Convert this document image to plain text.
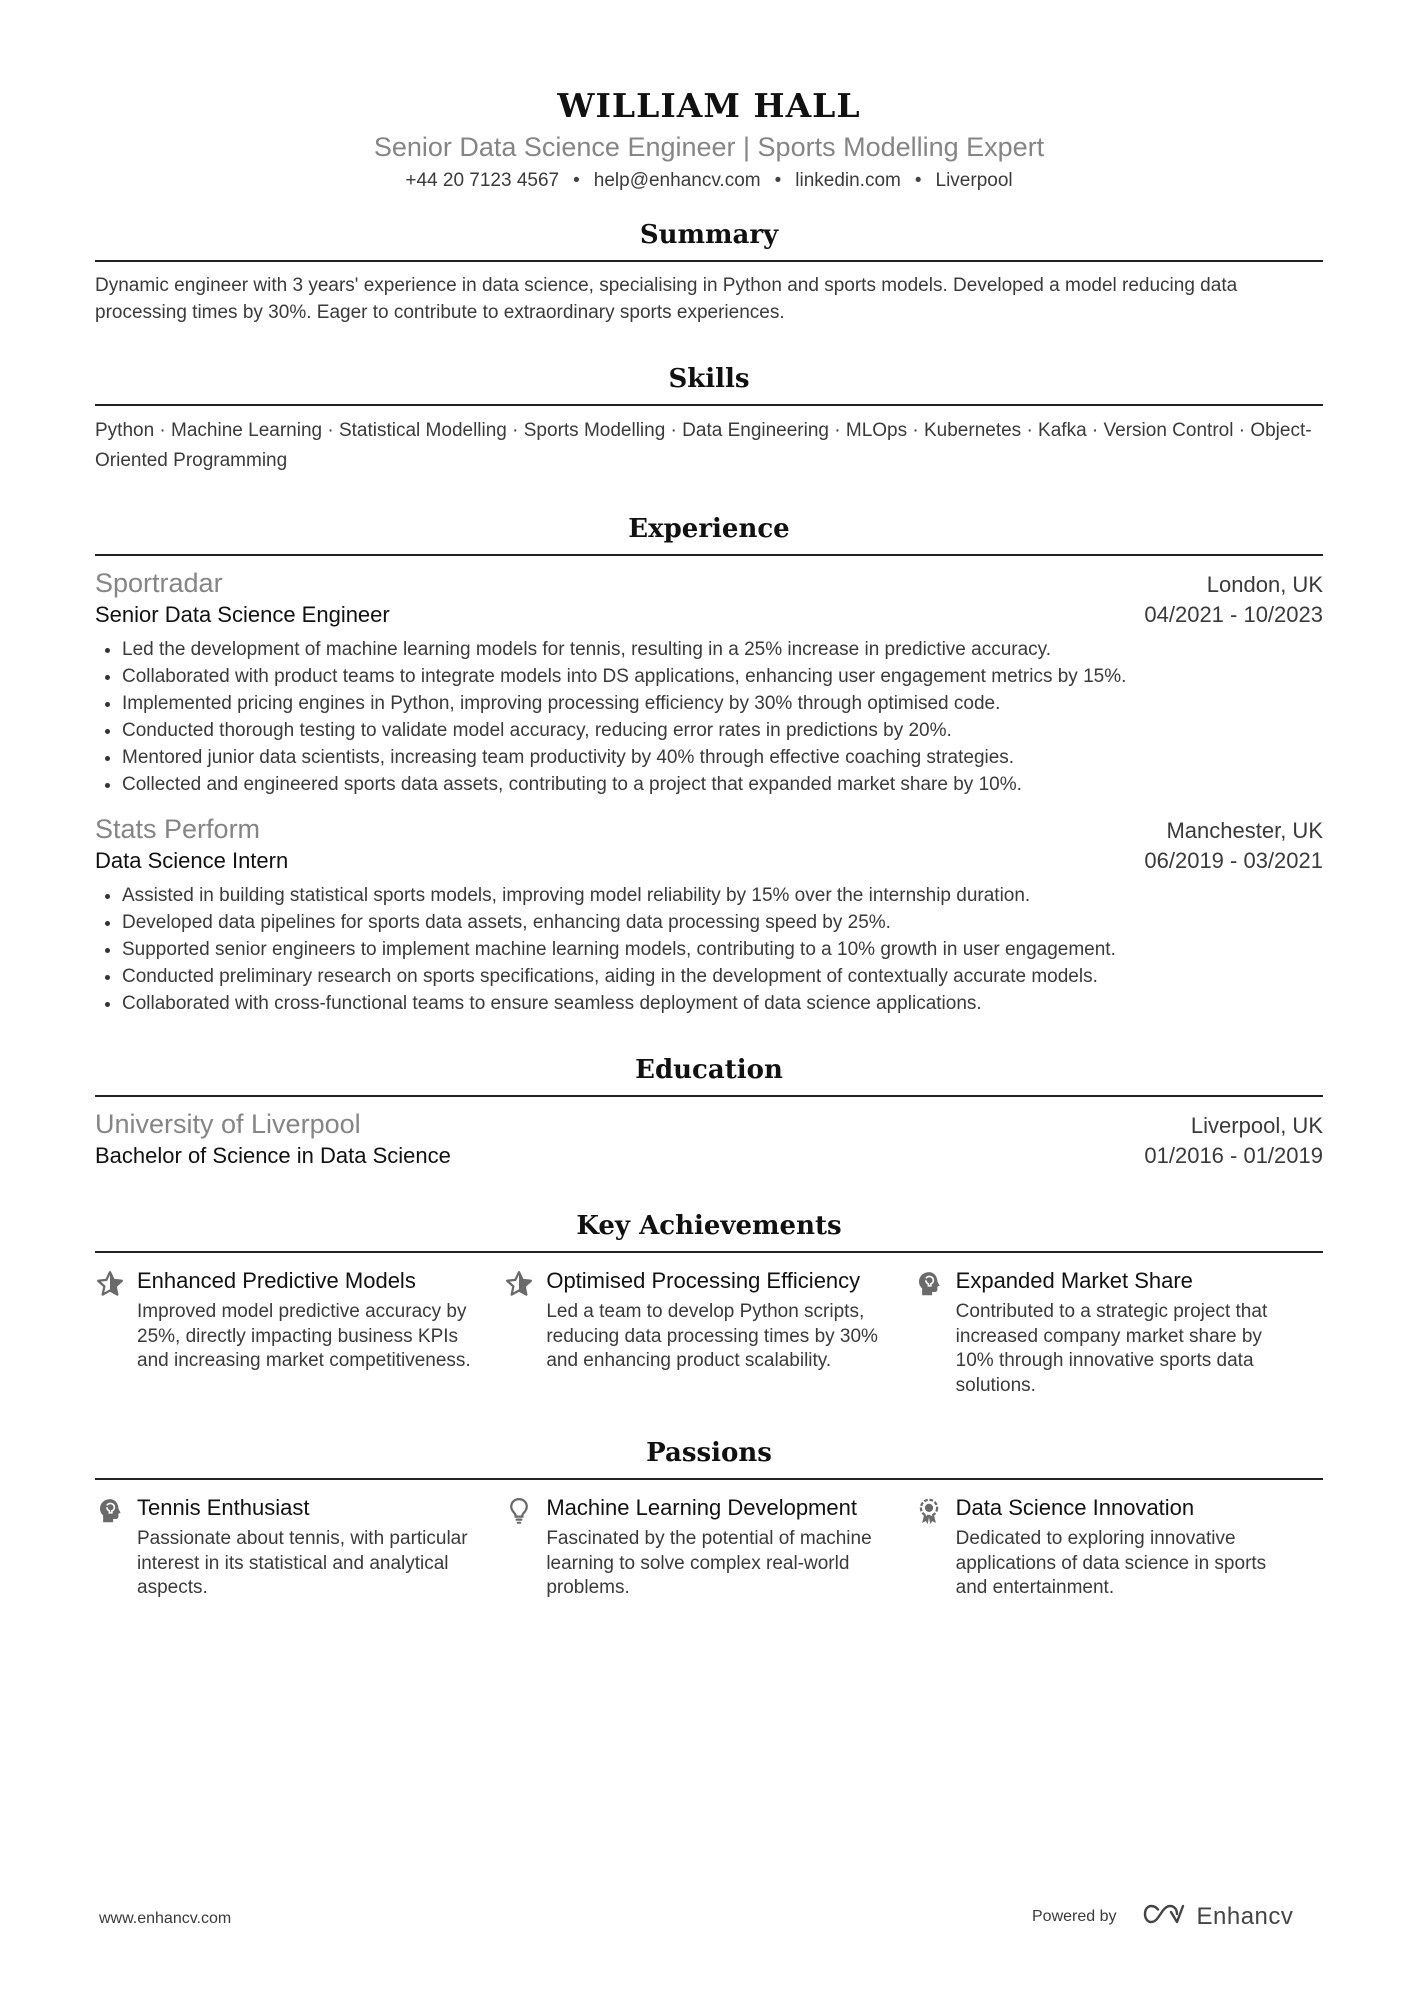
WILLIAM HALL
Senior Data Science Engineer | Sports Modelling Expert
+44 20 7123 4567 • help@enhancv.com • linkedin.com • Liverpool
Summary
Dynamic engineer with 3 years' experience in data science, specialising in Python and sports models. Developed a model reducing data processing times by 30%. Eager to contribute to extraordinary sports experiences.
Skills
Python · Machine Learning · Statistical Modelling · Sports Modelling · Data Engineering · MLOps · Kubernetes · Kafka · Version Control · Object-Oriented Programming
Experience
Sportradar	London, UK
Senior Data Science Engineer	04/2021 - 10/2023
• Led the development of machine learning models for tennis, resulting in a 25% increase in predictive accuracy.
• Collaborated with product teams to integrate models into DS applications, enhancing user engagement metrics by 15%.
• Implemented pricing engines in Python, improving processing efficiency by 30% through optimised code.
• Conducted thorough testing to validate model accuracy, reducing error rates in predictions by 20%.
• Mentored junior data scientists, increasing team productivity by 40% through effective coaching strategies.
• Collected and engineered sports data assets, contributing to a project that expanded market share by 10%.
Stats Perform	Manchester, UK
Data Science Intern	06/2019 - 03/2021
• Assisted in building statistical sports models, improving model reliability by 15% over the internship duration.
• Developed data pipelines for sports data assets, enhancing data processing speed by 25%.
• Supported senior engineers to implement machine learning models, contributing to a 10% growth in user engagement.
• Conducted preliminary research on sports specifications, aiding in the development of contextually accurate models.
• Collaborated with cross-functional teams to ensure seamless deployment of data science applications.
Education
University of Liverpool	Liverpool, UK
Bachelor of Science in Data Science	01/2016 - 01/2019
Key Achievements
Enhanced Predictive Models
Improved model predictive accuracy by 25%, directly impacting business KPIs and increasing market competitiveness.
Optimised Processing Efficiency
Led a team to develop Python scripts, reducing data processing times by 30% and enhancing product scalability.
Expanded Market Share
Contributed to a strategic project that increased company market share by 10% through innovative sports data solutions.
Passions
Tennis Enthusiast
Passionate about tennis, with particular interest in its statistical and analytical aspects.
Machine Learning Development
Fascinated by the potential of machine learning to solve complex real-world problems.
Data Science Innovation
Dedicated to exploring innovative applications of data science in sports and entertainment.
www.enhancv.com	Powered by	Enhancv
